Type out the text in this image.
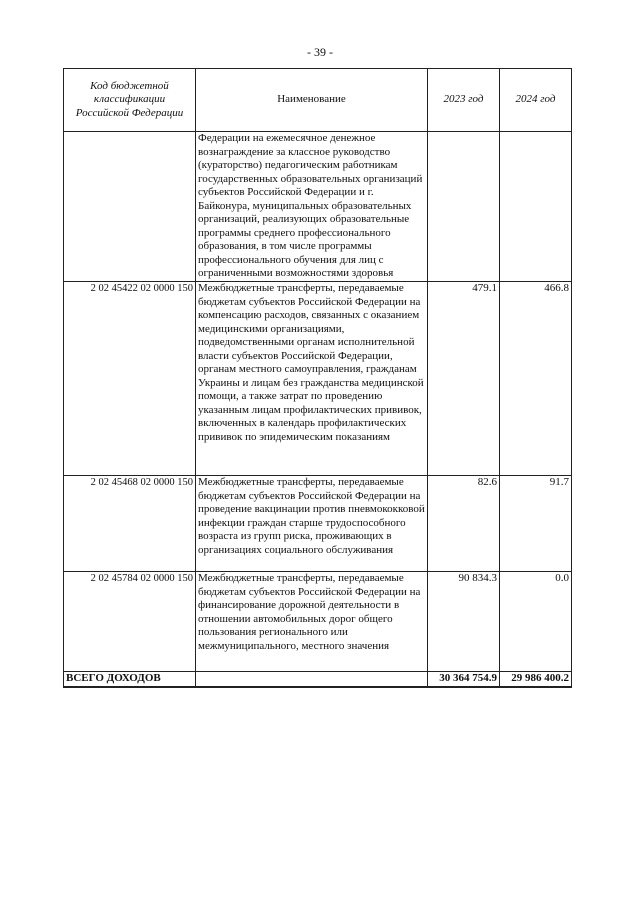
- 39 -
Код бюджетной классификации Российской Федерации	Наименование	2023 год	2024 год
	Федерации на ежемесячное денежное вознаграждение за классное руководство (кураторство) педагогическим работникам государственных образовательных организаций субъектов Российской Федерации и г. Байконура, муниципальных образовательных организаций, реализующих образовательные программы среднего профессионального образования, в том числе программы профессионального обучения для лиц с ограниченными возможностями здоровья		
2 02 45422 02 0000 150	Межбюджетные трансферты, передаваемые бюджетам субъектов Российской Федерации на компенсацию расходов, связанных с оказанием медицинскими организациями, подведомственными органам исполнительной власти субъектов Российской Федерации, органам местного самоуправления, гражданам Украины и лицам без гражданства медицинской помощи, а также затрат по проведению указанным лицам профилактических прививок, включенных в календарь профилактических прививок по эпидемическим показаниям	479.1	466.8
2 02 45468 02 0000 150	Межбюджетные трансферты, передаваемые бюджетам субъектов Российской Федерации на проведение вакцинации против пневмококковой инфекции граждан старше трудоспособного возраста из групп риска, проживающих в организациях социального обслуживания	82.6	91.7
2 02 45784 02 0000 150	Межбюджетные трансферты, передаваемые бюджетам субъектов Российской Федерации на финансирование дорожной деятельности в отношении автомобильных дорог общего пользования регионального или межмуниципального, местного значения	90 834.3	0.0
ВСЕГО ДОХОДОВ		30 364 754.9	29 986 400.2
